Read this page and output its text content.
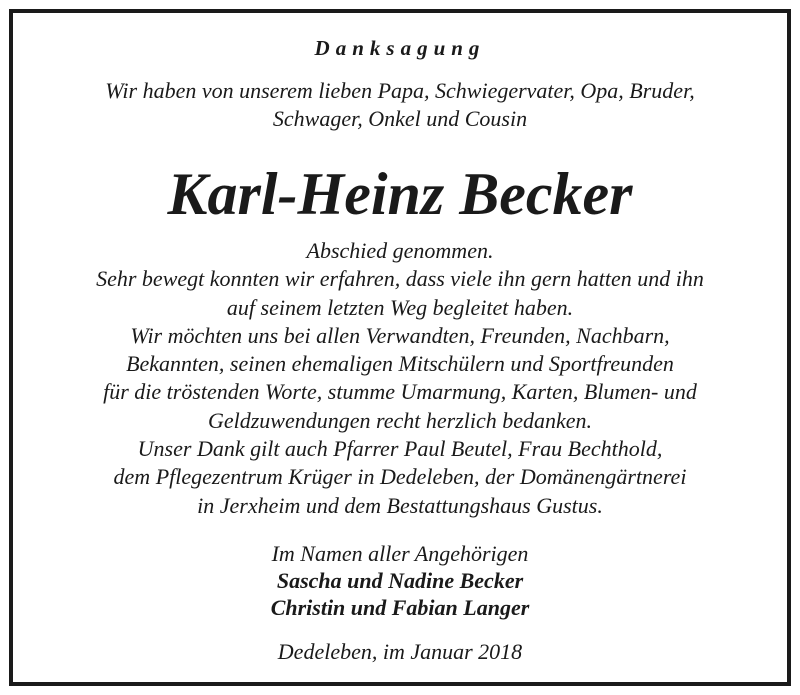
Danksagung
Wir haben von unserem lieben Papa, Schwiegervater, Opa, Bruder,
Schwager, Onkel und Cousin
Karl-Heinz Becker
Abschied genommen.
Sehr bewegt konnten wir erfahren, dass viele ihn gern hatten und ihn
auf seinem letzten Weg begleitet haben.
Wir möchten uns bei allen Verwandten, Freunden, Nachbarn,
Bekannten, seinen ehemaligen Mitschülern und Sportfreunden
für die tröstenden Worte, stumme Umarmung, Karten, Blumen- und
Geldzuwendungen recht herzlich bedanken.
Unser Dank gilt auch Pfarrer Paul Beutel, Frau Bechthold,
dem Pflegezentrum Krüger in Dedeleben, der Domänengärtnerei
in Jerxheim und dem Bestattungshaus Gustus.
Im Namen aller Angehörigen
Sascha und Nadine Becker
Christin und Fabian Langer
Dedeleben, im Januar 2018
